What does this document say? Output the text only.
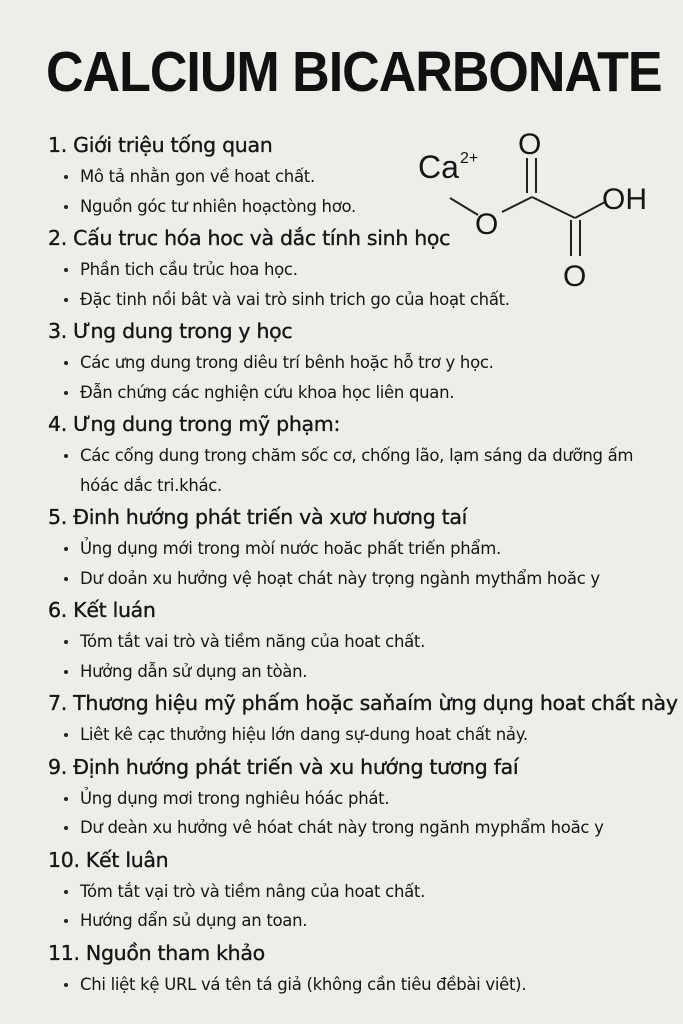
CALCIUM BICARBONATE
Ca 2+ O
O
OH
O
1. Giới triệu tống quan
Mô tả nhằn gon về hoat chất.
Nguồn góc tư nhiên hoạctòng hơo.
2. Cấu truc hóa hoc và dắc tính sinh học
Phần tich cầu trủc hoa học.
Đặc tinh nồi bât và vai trò sinh trich go của hoạt chất.
3. Ưng dung trong y học
Các ưng dung trong diêu trí bênh hoặc hỗ trơ y học.
Đẫn chứng các nghiện cứu khoa học liên quan.
4. Ưng dung trong mỹ phạm:
Các cống dung trong chăm sốc cơ, chống lão, lạm sáng da dưỡng ấm hóác dắc tri.khác.
5. Đinh hướng phát triến và xươ hương taí
Ủng dụng mới trong mòí nước hoăc phất triến phẩm.
Dư doản xu hưởng vệ hoạt chát này trọng ngành mythẩm hoăc y
6. Kết luán
Tóm tắt vai trò và tiềm năng của hoat chất.
Hưởng dẫn sử dụng an tòàn.
7. Thương hiệu mỹ phấm hoặc saňaím ừng dụng hoat chất này
Liêt kê cạc thưởng hiệu lớn dang sự-dung hoat chất nảy.
9. Định hướng phát triến và xu hướng tương faí
Ủng dụng mơi trong nghiêu hóác phát.
Dư deàn xu hưởng vê hóat chát này trong ngănh myphẩm hoăc y
10. Kết luân
Tóm tắt vại trò và tiềm nâng của hoat chất.
Hướng dẩn sủ dụng an toan.
11. Nguồn tham khảo
Chi liệt kệ URL vá tên tá giả (không cần tiêu đềbài viêt).
